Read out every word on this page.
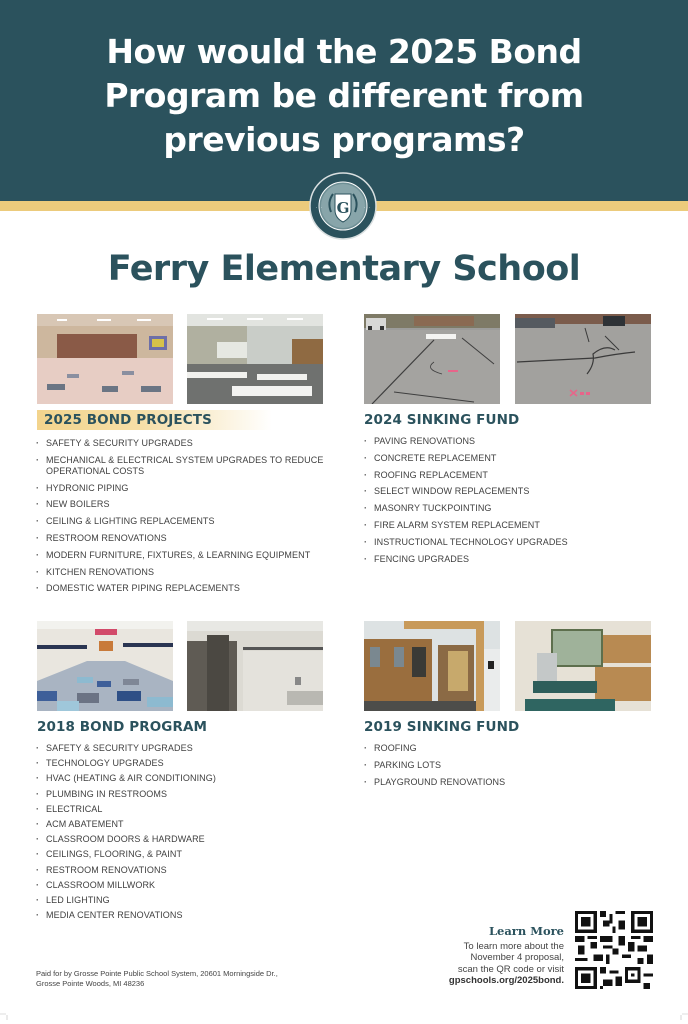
How would the 2025 Bond
Program be different from
previous programs?
G
· · ·	· · ·
Ferry Elementary School
2025 BOND PROJECTS
· SAFETY & SECURITY UPGRADES
· MECHANICAL & ELECTRICAL SYSTEM UPGRADES TO REDUCE OPERATIONAL COSTS
· HYDRONIC PIPING
· NEW BOILERS
· CEILING & LIGHTING REPLACEMENTS
· RESTROOM RENOVATIONS
· MODERN FURNITURE, FIXTURES, & LEARNING EQUIPMENT
· KITCHEN RENOVATIONS
· DOMESTIC WATER PIPING REPLACEMENTS
2024 SINKING FUND
· PAVING RENOVATIONS
· CONCRETE REPLACEMENT
· ROOFING REPLACEMENT
· SELECT WINDOW REPLACEMENTS
· MASONRY TUCKPOINTING
· FIRE ALARM SYSTEM REPLACEMENT
· INSTRUCTIONAL TECHNOLOGY UPGRADES
· FENCING UPGRADES
2018 BOND PROGRAM
· SAFETY & SECURITY UPGRADES
· TECHNOLOGY UPGRADES
· HVAC (HEATING & AIR CONDITIONING)
· PLUMBING IN RESTROOMS
· ELECTRICAL
· ACM ABATEMENT
· CLASSROOM DOORS & HARDWARE
· CEILINGS, FLOORING, & PAINT
· RESTROOM RENOVATIONS
· CLASSROOM MILLWORK
· LED LIGHTING
· MEDIA CENTER RENOVATIONS
2019 SINKING FUND
· ROOFING
· PARKING LOTS
· PLAYGROUND RENOVATIONS
Learn More
To learn more about the
November 4 proposal,
scan the QR code or visit
gpschools.org/2025bond.
Paid for by Grosse Pointe Public School System, 20601 Morningside Dr.,
Grosse Pointe Woods, MI 48236
